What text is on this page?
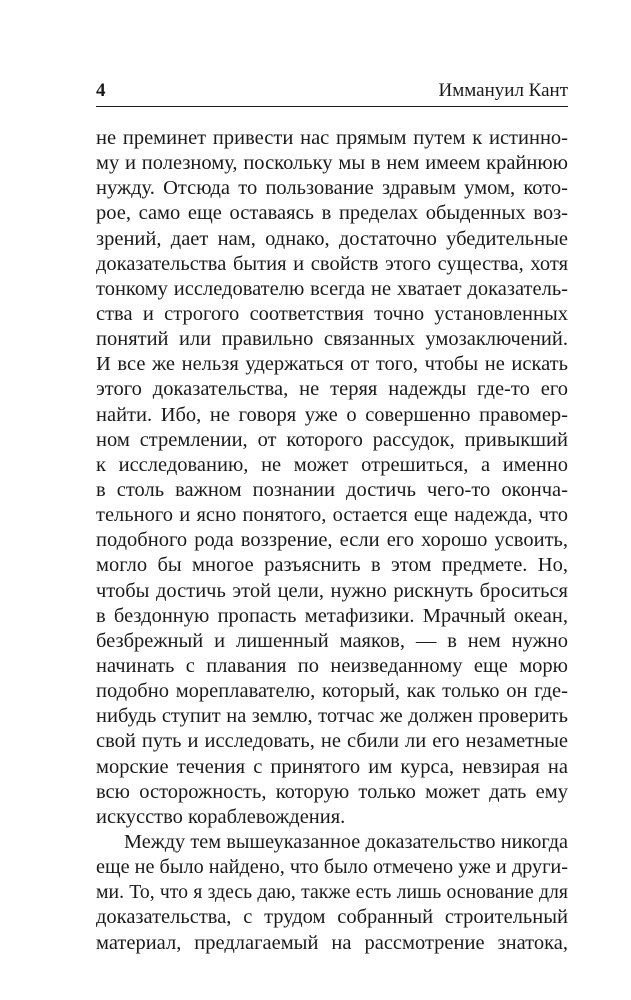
4	Иммануил Кант
не преминет привести нас прямым путем к истинно-
му и полезному, поскольку мы в нем имеем крайнюю
нужду. Отсюда то пользование здравым умом, кото-
рое, само еще оставаясь в пределах обыденных воз-
зрений, дает нам, однако, достаточно убедительные
доказательства бытия и свойств этого существа, хотя
тонкому исследователю всегда не хватает доказатель-
ства и строгого соответствия точно установленных
понятий или правильно связанных умозаключений.
И все же нельзя удержаться от того, чтобы не искать
этого доказательства, не теряя надежды где-то его
найти. Ибо, не говоря уже о совершенно правомер-
ном стремлении, от которого рассудок, привыкший
к исследованию, не может отрешиться, а именно
в столь важном познании достичь чего-то оконча-
тельного и ясно понятого, остается еще надежда, что
подобного рода воззрение, если его хорошо усвоить,
могло бы многое разъяснить в этом предмете. Но,
чтобы достичь этой цели, нужно рискнуть броситься
в бездонную пропасть метафизики. Мрачный океан,
безбрежный и лишенный маяков, — в нем нужно
начинать с плавания по неизведанному еще морю
подобно мореплавателю, который, как только он где-
нибудь ступит на землю, тотчас же должен проверить
свой путь и исследовать, не сбили ли его незаметные
морские течения с принятого им курса, невзирая на
всю осторожность, которую только может дать ему
искусство кораблевождения.
Между тем вышеуказанное доказательство никогда
еще не было найдено, что было отмечено уже и други-
ми. То, что я здесь даю, также есть лишь основание для
доказательства, с трудом собранный строительный
материал, предлагаемый на рассмотрение знатока,
